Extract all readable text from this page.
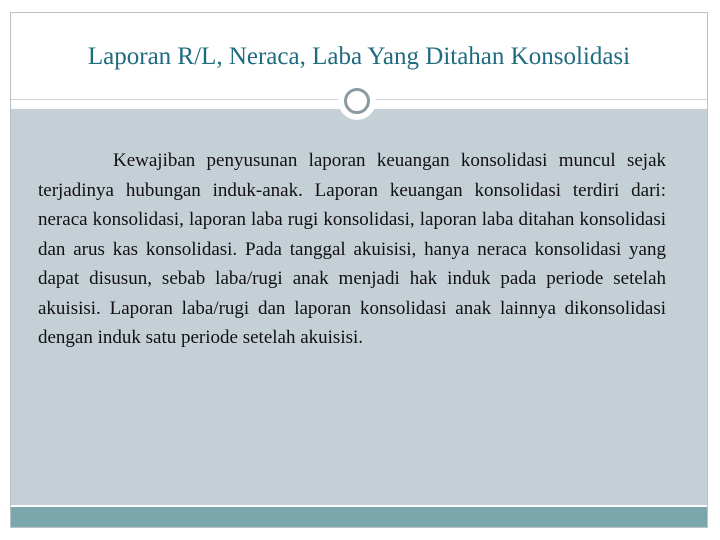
Laporan R/L, Neraca, Laba Yang Ditahan Konsolidasi

Kewajiban penyusunan laporan keuangan konsolidasi muncul sejak terjadinya hubungan induk-anak. Laporan keuangan konsolidasi terdiri dari: neraca konsolidasi, laporan laba rugi konsolidasi, laporan laba ditahan konsolidasi dan arus kas konsolidasi. Pada tanggal akuisisi, hanya neraca konsolidasi yang dapat disusun, sebab laba/rugi anak menjadi hak induk pada periode setelah akuisisi. Laporan laba/rugi dan laporan konsolidasi anak lainnya dikonsolidasi dengan induk satu periode setelah akuisisi.
